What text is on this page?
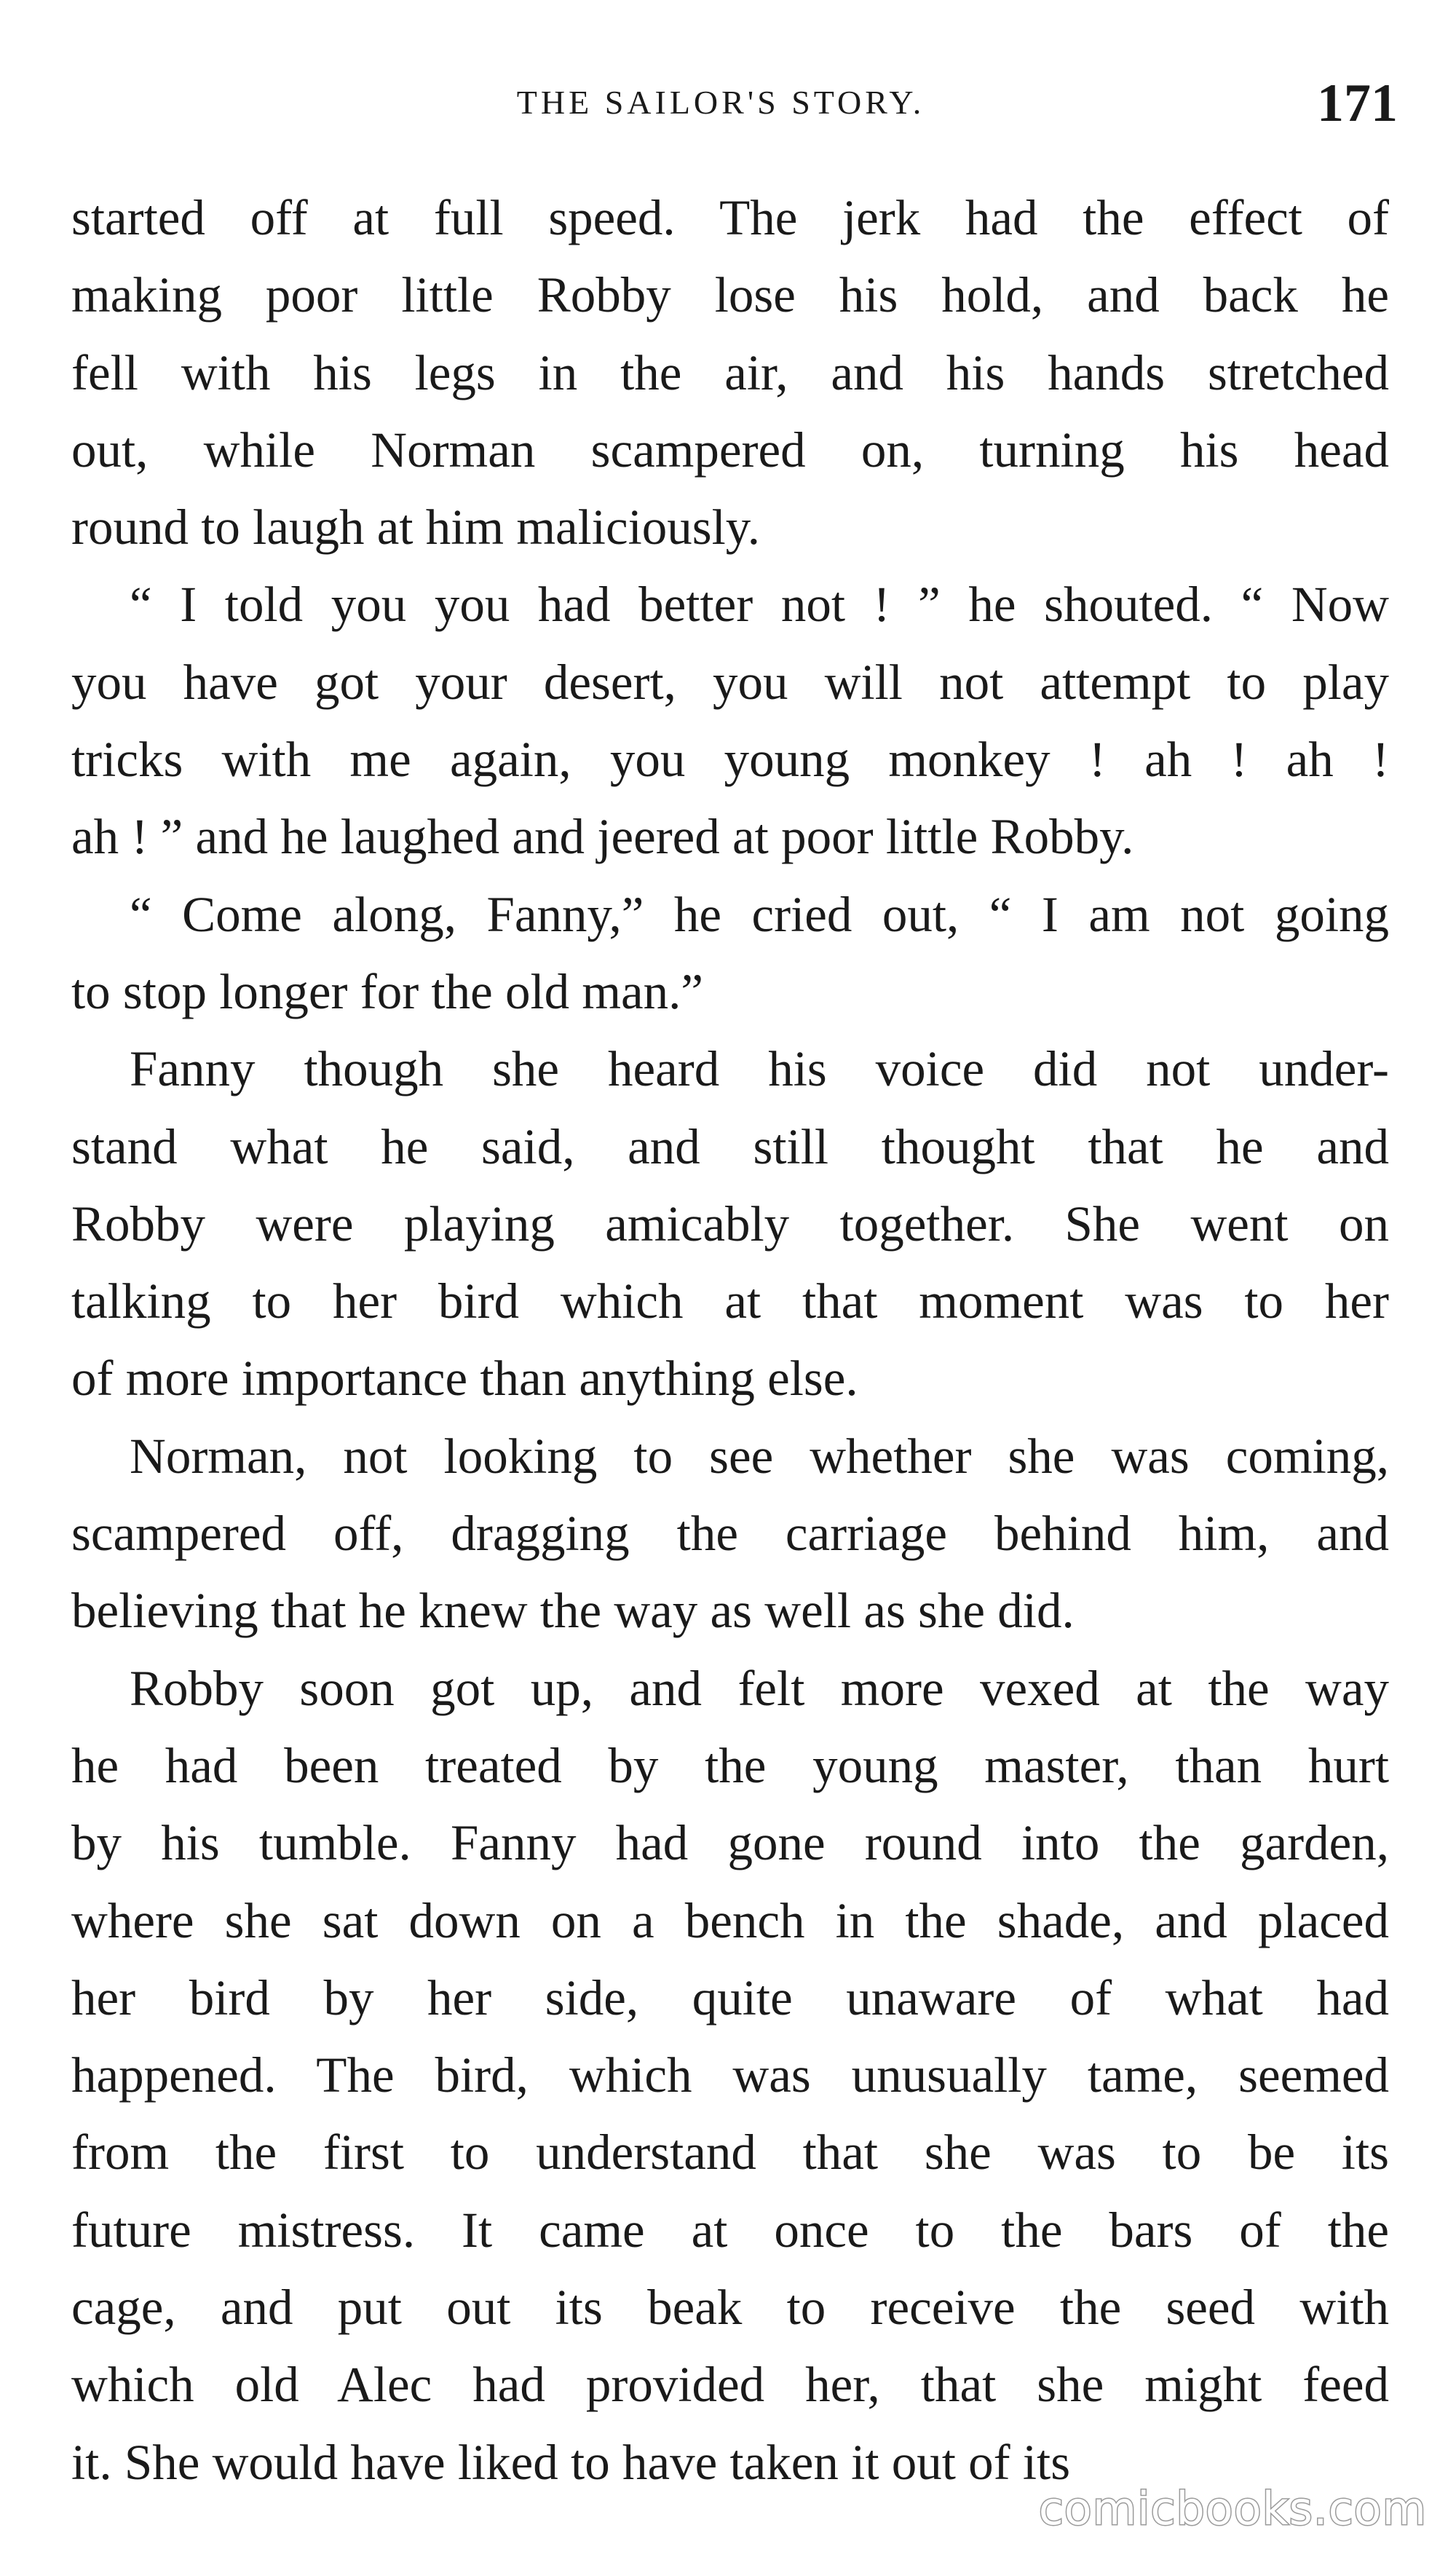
THE SAILOR'S STORY.	171
started off at full speed. The jerk had the effect of
making poor little Robby lose his hold, and back he
fell with his legs in the air, and his hands stretched
out, while Norman scampered on, turning his head
round to laugh at him maliciously.
“ I told you you had better not ! ” he shouted. “ Now
you have got your desert, you will not attempt to play
tricks with me again, you young monkey ! ah ! ah !
ah ! ” and he laughed and jeered at poor little Robby.
“ Come along, Fanny,” he cried out, “ I am not going
to stop longer for the old man.”
Fanny though she heard his voice did not under-
stand what he said, and still thought that he and
Robby were playing amicably together. She went on
talking to her bird which at that moment was to her
of more importance than anything else.
Norman, not looking to see whether she was coming,
scampered off, dragging the carriage behind him, and
believing that he knew the way as well as she did.
Robby soon got up, and felt more vexed at the way
he had been treated by the young master, than hurt
by his tumble. Fanny had gone round into the garden,
where she sat down on a bench in the shade, and placed
her bird by her side, quite unaware of what had
happened. The bird, which was unusually tame, seemed
from the first to understand that she was to be its
future mistress. It came at once to the bars of the
cage, and put out its beak to receive the seed with
which old Alec had provided her, that she might feed
it. She would have liked to have taken it out of its
comicbooks.com
